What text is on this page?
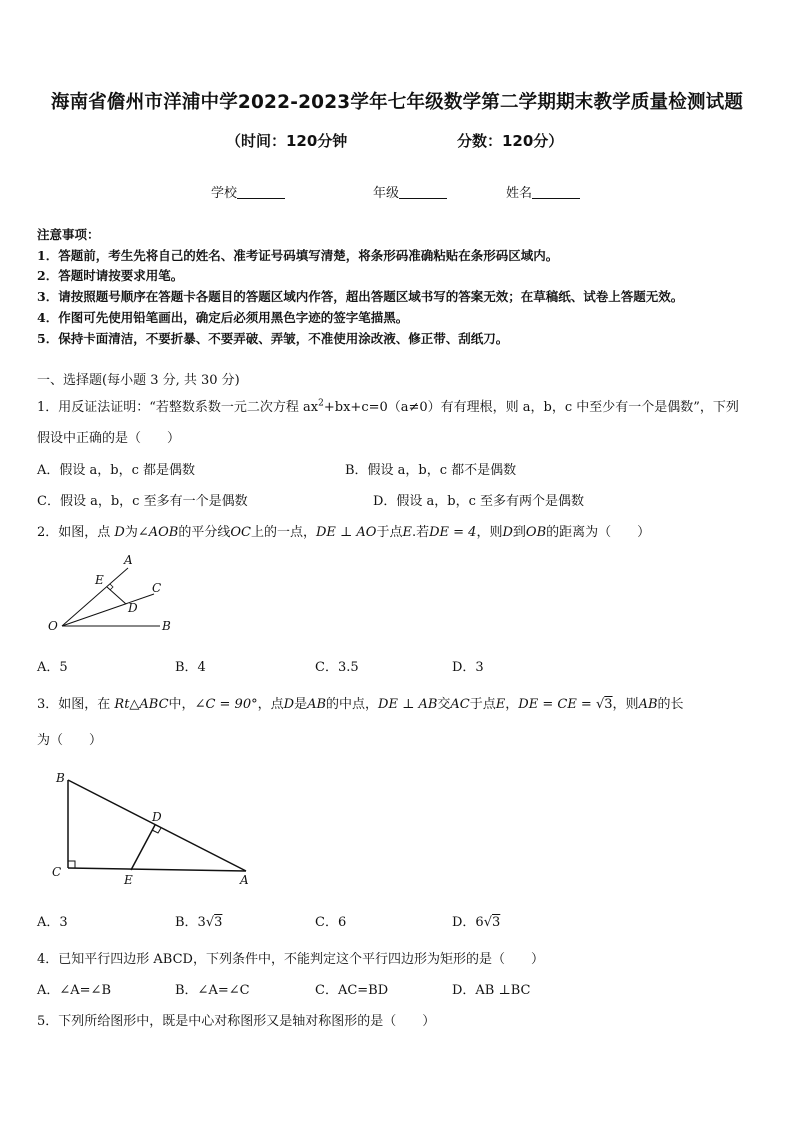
海南省儋州市洋浦中学2022-2023学年七年级数学第二学期期末教学质量检测试题
（时间：120分钟	分数：120分）
学校	年级	姓名
注意事项：
1．答题前，考生先将自己的姓名、准考证号码填写清楚，将条形码准确粘贴在条形码区域内。
2．答题时请按要求用笔。
3．请按照题号顺序在答题卡各题目的答题区域内作答，超出答题区域书写的答案无效；在草稿纸、试卷上答题无效。
4．作图可先使用铅笔画出，确定后必须用黑色字迹的签字笔描黑。
5．保持卡面清洁，不要折暴、不要弄破、弄皱，不准使用涂改液、修正带、刮纸刀。
一、选择题(每小题 3 分, 共 30 分)
1．用反证法证明：“若整数系数一元二次方程 $ax^2+bx+c=0(a\ne 0)$有有理根，则 a，b，c 中至少有一个是偶数”，下列
假设中正确的是（　　）
A．假设 a，b，c 都是偶数	B．假设 a，b，c 都不是偶数
C．假设 a，b，c 至多有一个是偶数	D．假设 a，b，c 至多有两个是偶数
2．如图，点 D为∠AOB的平分线OC上的一点，DE ⊥ AO于点E.若DE = 4，则D到OB的距离为（　　）
A
C
E
D
O	B
A．5	B．4	C．3.5	D．3
3．如图，在 Rt△ABC中，∠C = 90°，点D是AB的中点，DE ⊥ AB交AC于点E，DE = CE = √3，则AB的长
为（　　）
B
D
C
E	A
A．3	B．3√3	C．6	D．6√3
4．已知平行四边形 ABCD，下列条件中，不能判定这个平行四边形为矩形的是（　　）
A．∠A=∠B	B．∠A=∠C	C．AC=BD	D．AB ⊥BC
5．下列所给图形中，既是中心对称图形又是轴对称图形的是（　　）
